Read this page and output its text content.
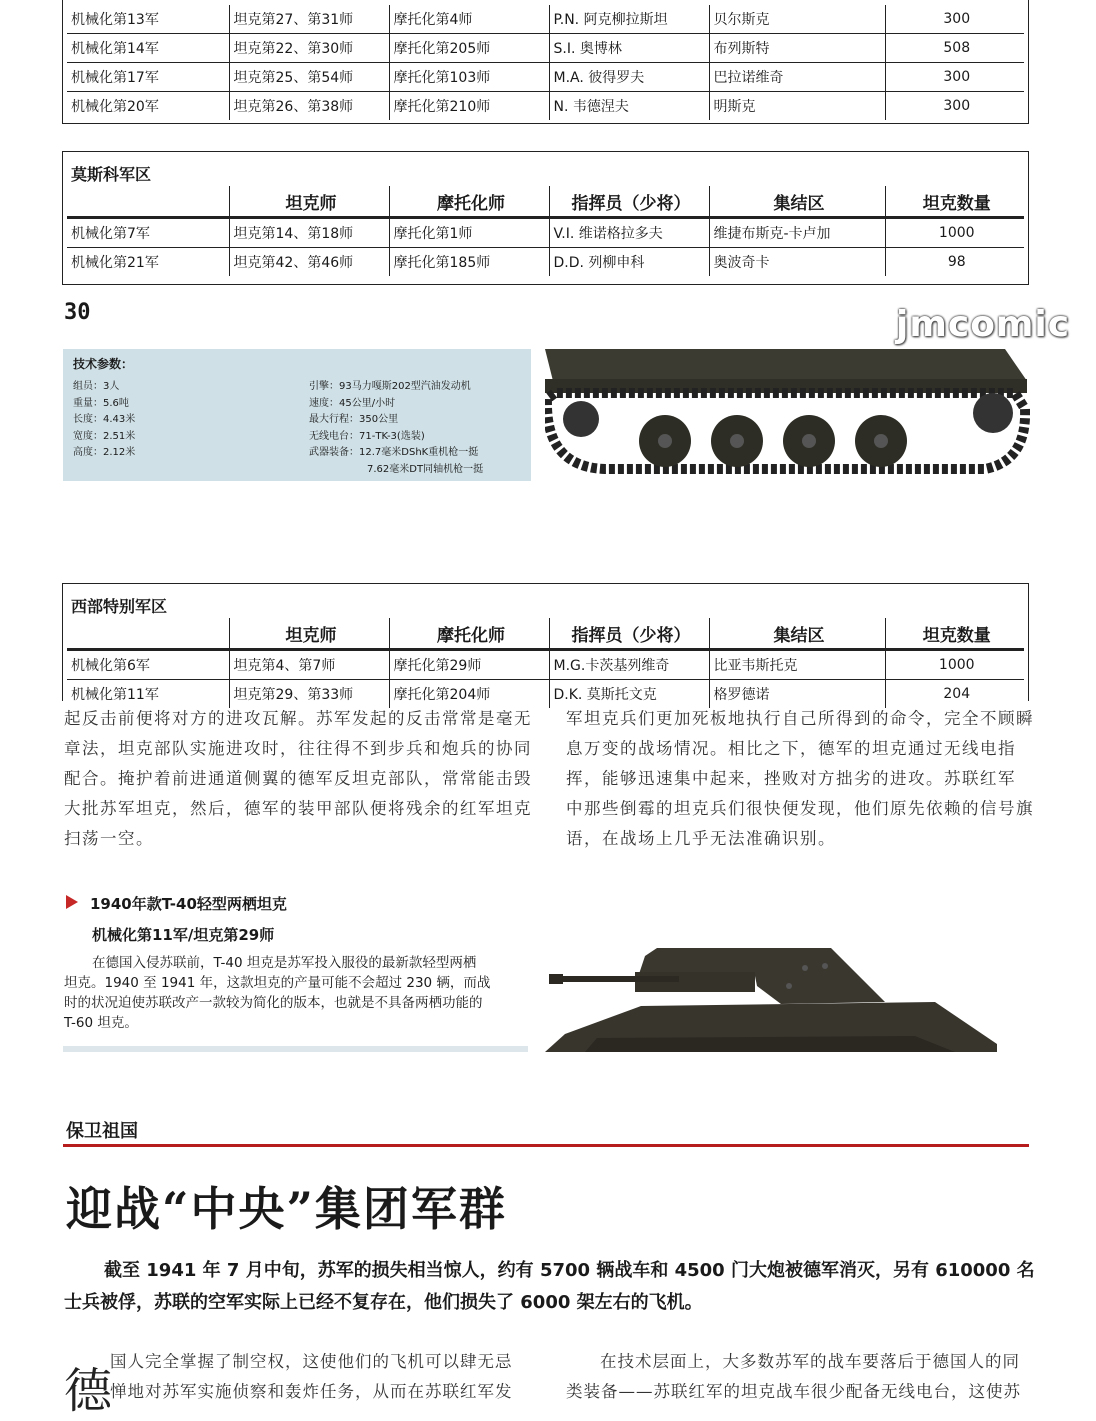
机械化第13军	坦克第27、第31师	摩托化第4师	P.N. 阿克柳拉斯坦	贝尔斯克	300
机械化第14军	坦克第22、第30师	摩托化第205师	S.I. 奥博林	布列斯特	508
机械化第17军	坦克第25、第54师	摩托化第103师	M.A. 彼得罗夫	巴拉诺维奇	300
机械化第20军	坦克第26、第38师	摩托化第210师	N. 韦德涅夫	明斯克	300
莫斯科军区
	坦克师	摩托化师	指挥员（少将）	集结区	坦克数量
机械化第7军	坦克第14、第18师	摩托化第1师	V.I. 维诺格拉多夫	维捷布斯克-卡卢加	1000
机械化第21军	坦克第42、第46师	摩托化第185师	D.D. 列柳申科	奥波奇卡	98
30	jmcomic
技术参数：
组员：3人
重量：5.6吨
长度：4.43米
宽度：2.51米
高度：2.12米
引擎：93马力嘎斯202型汽油发动机
速度：45公里/小时
最大行程：350公里
无线电台：71-TK-3(选装)
武器装备：12.7毫米DShK重机枪一挺
7.62毫米DT同轴机枪一挺
西部特别军区
	坦克师	摩托化师	指挥员（少将）	集结区	坦克数量
机械化第6军	坦克第4、第7师	摩托化第29师	M.G.卡茨基列维奇	比亚韦斯托克	1000
机械化第11军	坦克第29、第33师	摩托化第204师	D.K. 莫斯托文克	格罗德诺	204
起反击前便将对方的进攻瓦解。苏军发起的反击常常是毫无
章法，坦克部队实施进攻时，往往得不到步兵和炮兵的协同
配合。掩护着前进通道侧翼的德军反坦克部队，常常能击毁
大批苏军坦克，然后，德军的装甲部队便将残余的红军坦克
扫荡一空。
军坦克兵们更加死板地执行自己所得到的命令，完全不顾瞬
息万变的战场情况。相比之下，德军的坦克通过无线电指
挥，能够迅速集中起来，挫败对方拙劣的进攻。苏联红军
中那些倒霉的坦克兵们很快便发现，他们原先依赖的信号旗
语，在战场上几乎无法准确识别。
1940年款T-40轻型两栖坦克
机械化第11军/坦克第29师
在德国入侵苏联前，T-40 坦克是苏军投入服役的最新款轻型两栖
坦克。1940 至 1941 年，这款坦克的产量可能不会超过 230 辆，而战
时的状况迫使苏联改产一款较为简化的版本，也就是不具备两栖功能的
T-60 坦克。
保卫祖国
迎战“中央”集团军群
截至 1941 年 7 月中旬，苏军的损失相当惊人，约有 5700 辆战车和 4500 门大炮被德军消灭，另有 610000 名士兵被俘，苏联的空军实际上已经不复存在，他们损失了 6000 架左右的飞机。
德
国人完全掌握了制空权，这使他们的飞机可以肆无忌
惮地对苏军实施侦察和轰炸任务，从而在苏联红军发
在技术层面上，大多数苏军的战车要落后于德国人的同
类装备——苏联红军的坦克战车很少配备无线电台，这使苏
